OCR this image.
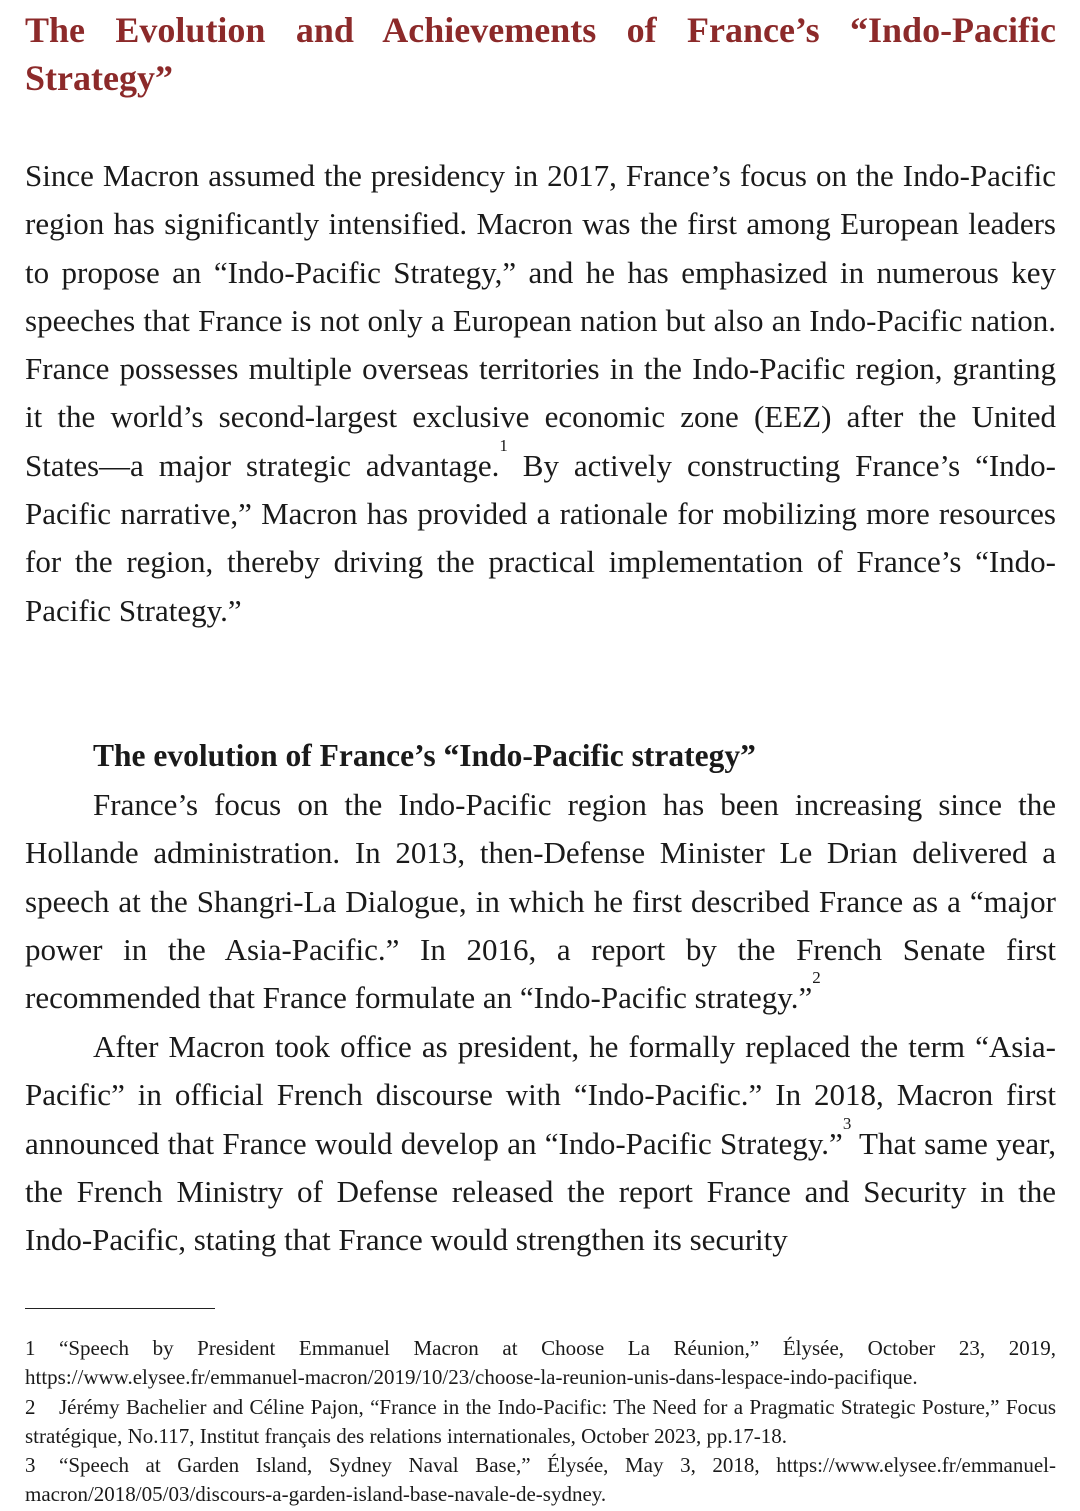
The Evolution and Achievements of France’s “Indo-Pacific Strategy”

Since Macron assumed the presidency in 2017, France’s focus on the Indo-Pacific region has significantly intensified. Macron was the first among European leaders to propose an “Indo-Pacific Strategy,” and he has emphasized in numerous key speeches that France is not only a European nation but also an Indo-Pacific nation. France possesses multiple overseas territories in the Indo-Pacific region, granting it the world’s second-largest exclusive economic zone (EEZ) after the United States—a major strategic advantage.$^1$ By actively constructing France’s “Indo-Pacific narrative,” Macron has provided a rationale for mobilizing more resources for the region, thereby driving the practical implementation of France’s “Indo-Pacific Strategy.”

The evolution of France’s “Indo-Pacific strategy”

France’s focus on the Indo-Pacific region has been increasing since the Hollande administration. In 2013, then-Defense Minister Le Drian delivered a speech at the Shangri-La Dialogue, in which he first described France as a “major power in the Asia-Pacific.” In 2016, a report by the French Senate first recommended that France formulate an “Indo-Pacific strategy.”$^2$

After Macron took office as president, he formally replaced the term “Asia-Pacific” in official French discourse with “Indo-Pacific.” In 2018, Macron first announced that France would develop an “Indo-Pacific Strategy.”$^3$ That same year, the French Ministry of Defense released the report France and Security in the Indo-Pacific, stating that France would strengthen its security

1 “Speech by President Emmanuel Macron at Choose La Réunion,” Élysée, October 23, 2019, https://www.elysee.fr/emmanuel-macron/2019/10/23/choose-la-reunion-unis-dans-lespace-indo-pacifique.

2 Jérémy Bachelier and Céline Pajon, “France in the Indo-Pacific: The Need for a Pragmatic Strategic Posture,” Focus stratégique, No.117, Institut français des relations internationales, October 2023, pp.17-18.

3 “Speech at Garden Island, Sydney Naval Base,” Élysée, May 3, 2018, https://www.elysee.fr/emmanuel-macron/2018/05/03/discours-a-garden-island-base-navale-de-sydney.
